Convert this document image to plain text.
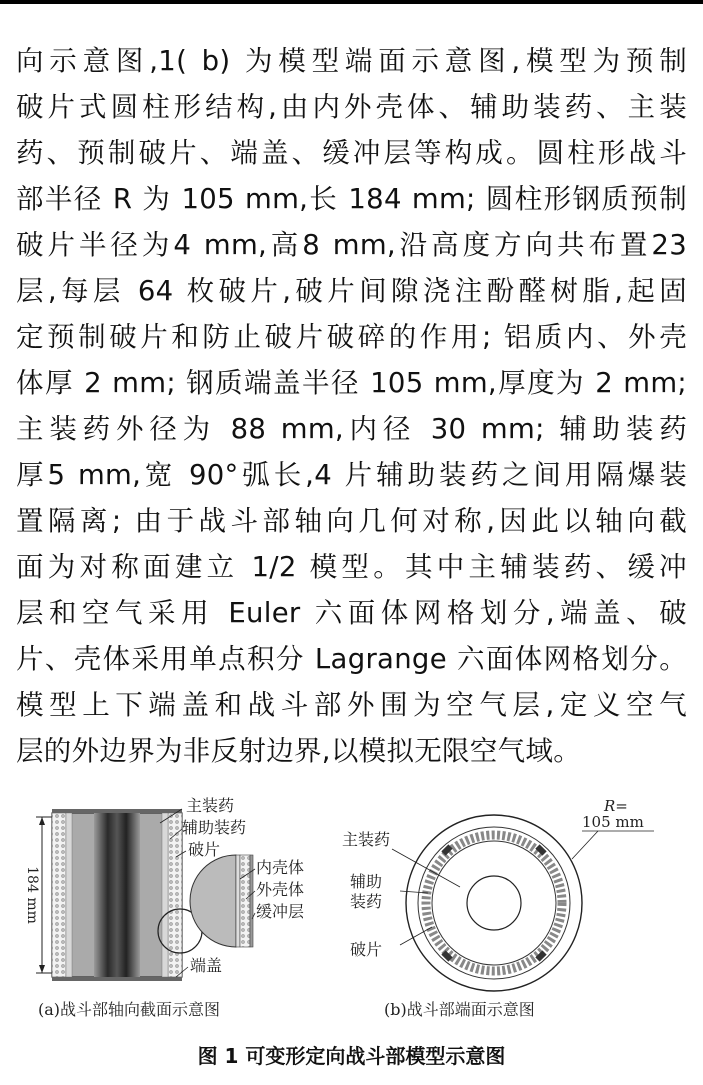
向示意图,1( b) 为模型端面示意图,模型为预制
破片式圆柱形结构,由内外壳体、辅助装药、主装
药、预制破片、端盖、缓冲层等构成。圆柱形战斗
部半径 R 为 105 mm,长 184 mm; 圆柱形钢质预制
破片半径为4 mm,高8 mm,沿高度方向共布置23
层,每层 64 枚破片,破片间隙浇注酚醛树脂,起固
定预制破片和防止破片破碎的作用; 铝质内、外壳
体厚 2 mm; 钢质端盖半径 105 mm,厚度为 2 mm;
主装药外径为 88 mm,内径 30 mm; 辅助装药
厚5 mm,宽 90°弧长,4 片辅助装药之间用隔爆装
置隔离; 由于战斗部轴向几何对称,因此以轴向截
面为对称面建立 1/2 模型。其中主辅装药、缓冲
层和空气采用 Euler 六面体网格划分,端盖、破
片、壳体采用单点积分 Lagrange 六面体网格划分。
模型上下端盖和战斗部外围为空气层,定义空气
层的外边界为非反射边界,以模拟无限空气域。
184 mm
主装药
辅助装药
破片
内壳体
外壳体
缓冲层
端盖
R=
105 mm
主装药
辅助
装药
破片
(a)战斗部轴向截面示意图	(b)战斗部端面示意图
图 1 可变形定向战斗部模型示意图
